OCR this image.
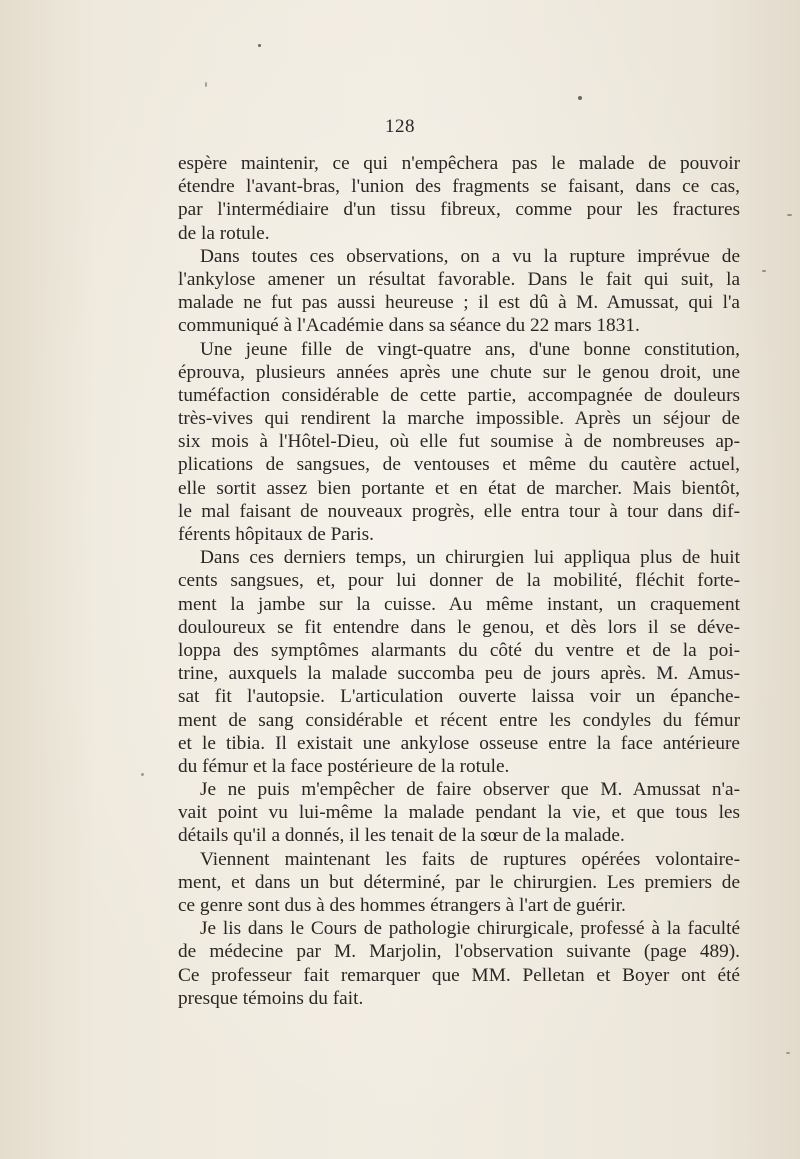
128
espère maintenir, ce qui n'empêchera pas le malade de pouvoir
étendre l'avant-bras, l'union des fragments se faisant, dans ce cas,
par l'intermédiaire d'un tissu fibreux, comme pour les fractures
de la rotule.
Dans toutes ces observations, on a vu la rupture imprévue de
l'ankylose amener un résultat favorable. Dans le fait qui suit, la
malade ne fut pas aussi heureuse ; il est dû à M. Amussat, qui l'a
communiqué à l'Académie dans sa séance du 22 mars 1831.
Une jeune fille de vingt-quatre ans, d'une bonne constitution,
éprouva, plusieurs années après une chute sur le genou droit, une
tuméfaction considérable de cette partie, accompagnée de douleurs
très-vives qui rendirent la marche impossible. Après un séjour de
six mois à l'Hôtel-Dieu, où elle fut soumise à de nombreuses ap-
plications de sangsues, de ventouses et même du cautère actuel,
elle sortit assez bien portante et en état de marcher. Mais bientôt,
le mal faisant de nouveaux progrès, elle entra tour à tour dans dif-
férents hôpitaux de Paris.
Dans ces derniers temps, un chirurgien lui appliqua plus de huit
cents sangsues, et, pour lui donner de la mobilité, fléchit forte-
ment la jambe sur la cuisse. Au même instant, un craquement
douloureux se fit entendre dans le genou, et dès lors il se déve-
loppa des symptômes alarmants du côté du ventre et de la poi-
trine, auxquels la malade succomba peu de jours après. M. Amus-
sat fit l'autopsie. L'articulation ouverte laissa voir un épanche-
ment de sang considérable et récent entre les condyles du fémur
et le tibia. Il existait une ankylose osseuse entre la face antérieure
du fémur et la face postérieure de la rotule.
Je ne puis m'empêcher de faire observer que M. Amussat n'a-
vait point vu lui-même la malade pendant la vie, et que tous les
détails qu'il a donnés, il les tenait de la sœur de la malade.
Viennent maintenant les faits de ruptures opérées volontaire-
ment, et dans un but déterminé, par le chirurgien. Les premiers de
ce genre sont dus à des hommes étrangers à l'art de guérir.
Je lis dans le Cours de pathologie chirurgicale, professé à la faculté
de médecine par M. Marjolin, l'observation suivante (page 489).
Ce professeur fait remarquer que MM. Pelletan et Boyer ont été
presque témoins du fait.
